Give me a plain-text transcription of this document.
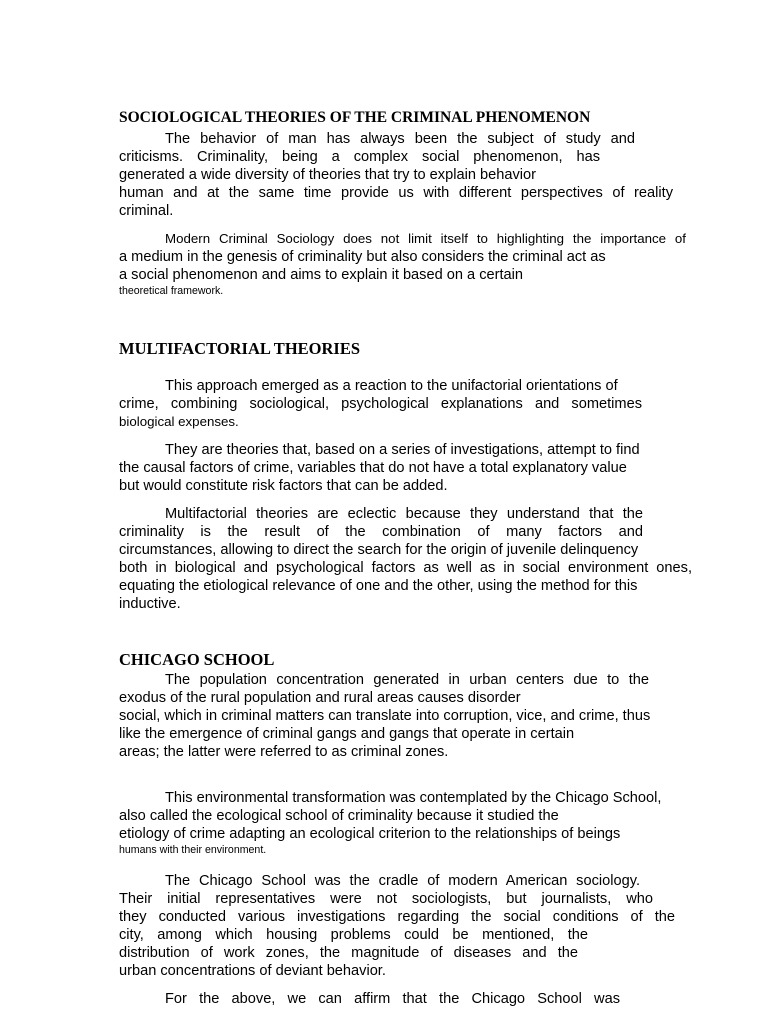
SOCIOLOGICAL THEORIES OF THE CRIMINAL PHENOMENON
The behavior of man has always been the subject of study and
criticisms. Criminality, being a complex social phenomenon, has
generated a wide diversity of theories that try to explain behavior
human and at the same time provide us with different perspectives of reality
criminal.
Modern Criminal Sociology does not limit itself to highlighting the importance of
a medium in the genesis of criminality but also considers the criminal act as
a social phenomenon and aims to explain it based on a certain
theoretical framework.
MULTIFACTORIAL THEORIES
This approach emerged as a reaction to the unifactorial orientations of
crime, combining sociological, psychological explanations and sometimes
biological expenses.
They are theories that, based on a series of investigations, attempt to find
the causal factors of crime, variables that do not have a total explanatory value
but would constitute risk factors that can be added.
Multifactorial theories are eclectic because they understand that the
criminality is the result of the combination of many factors and
circumstances, allowing to direct the search for the origin of juvenile delinquency
both in biological and psychological factors as well as in social environment ones,
equating the etiological relevance of one and the other, using the method for this
inductive.
CHICAGO SCHOOL
The population concentration generated in urban centers due to the
exodus of the rural population and rural areas causes disorder
social, which in criminal matters can translate into corruption, vice, and crime, thus
like the emergence of criminal gangs and gangs that operate in certain
areas; the latter were referred to as criminal zones.
This environmental transformation was contemplated by the Chicago School,
also called the ecological school of criminality because it studied the
etiology of crime adapting an ecological criterion to the relationships of beings
humans with their environment.
The Chicago School was the cradle of modern American sociology.
Their initial representatives were not sociologists, but journalists, who
they conducted various investigations regarding the social conditions of the
city, among which housing problems could be mentioned, the
distribution of work zones, the magnitude of diseases and the
urban concentrations of deviant behavior.
For the above, we can affirm that the Chicago School was
